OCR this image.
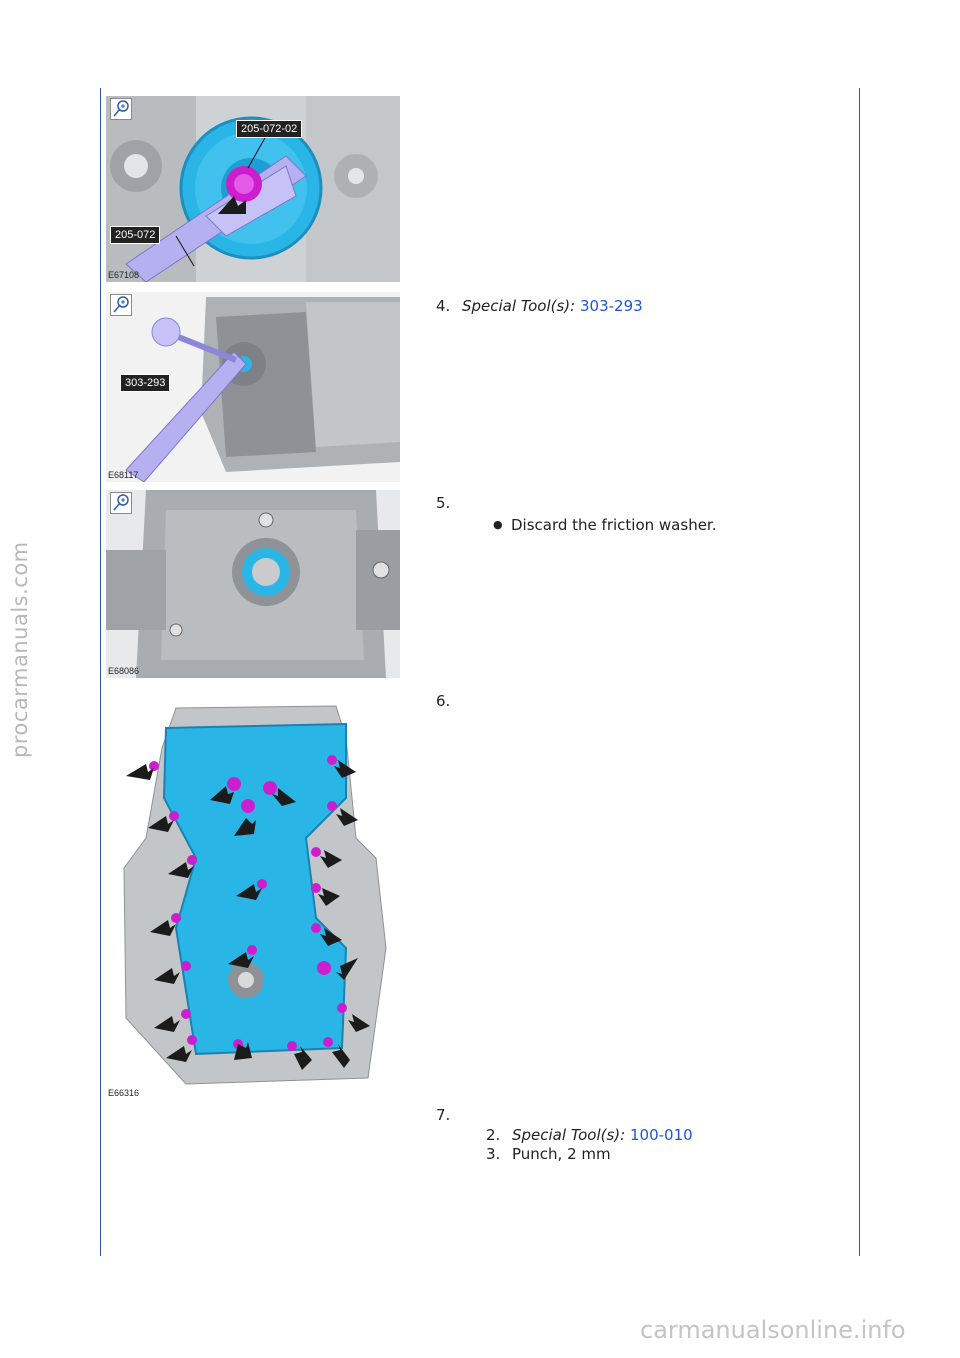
procarmanuals.com
205-072-02
205-072
E67108
303-293
E68117
E68086
E66316
4. Special Tool(s): 303-293
5.
● Discard the friction washer.
6.
7.
2. Special Tool(s): 100-010
3. Punch, 2 mm
carmanualsonline.info
